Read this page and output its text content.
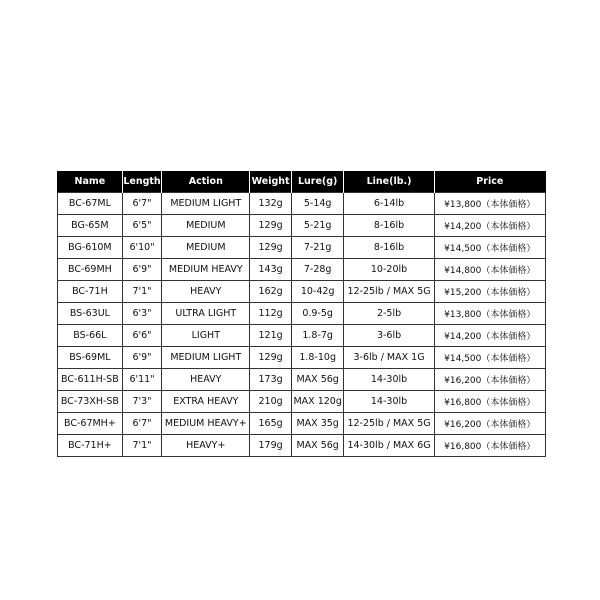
Name	Length	Action	Weight	Lure(g)	Line(lb.)	Price
BC-67ML	6'7"	MEDIUM LIGHT	132g	5-14g	6-14lb	¥13,800（本体価格）
BG-65M	6'5"	MEDIUM	129g	5-21g	8-16lb	¥14,200（本体価格）
BG-610M	6'10"	MEDIUM	129g	7-21g	8-16lb	¥14,500（本体価格）
BC-69MH	6'9"	MEDIUM HEAVY	143g	7-28g	10-20lb	¥14,800（本体価格）
BC-71H	7'1"	HEAVY	162g	10-42g	12-25lb / MAX 5G	¥15,200（本体価格）
BS-63UL	6'3"	ULTRA LIGHT	112g	0.9-5g	2-5lb	¥13,800（本体価格）
BS-66L	6'6"	LIGHT	121g	1.8-7g	3-6lb	¥14,200（本体価格）
BS-69ML	6'9"	MEDIUM LIGHT	129g	1.8-10g	3-6lb / MAX 1G	¥14,500（本体価格）
BC-611H-SB	6'11"	HEAVY	173g	MAX 56g	14-30lb	¥16,200（本体価格）
BC-73XH-SB	7'3"	EXTRA HEAVY	210g	MAX 120g	14-30lb	¥16,800（本体価格）
BC-67MH+	6'7"	MEDIUM HEAVY+	165g	MAX 35g	12-25lb / MAX 5G	¥16,200（本体価格）
BC-71H+	7'1"	HEAVY+	179g	MAX 56g	14-30lb / MAX 6G	¥16,800（本体価格）
